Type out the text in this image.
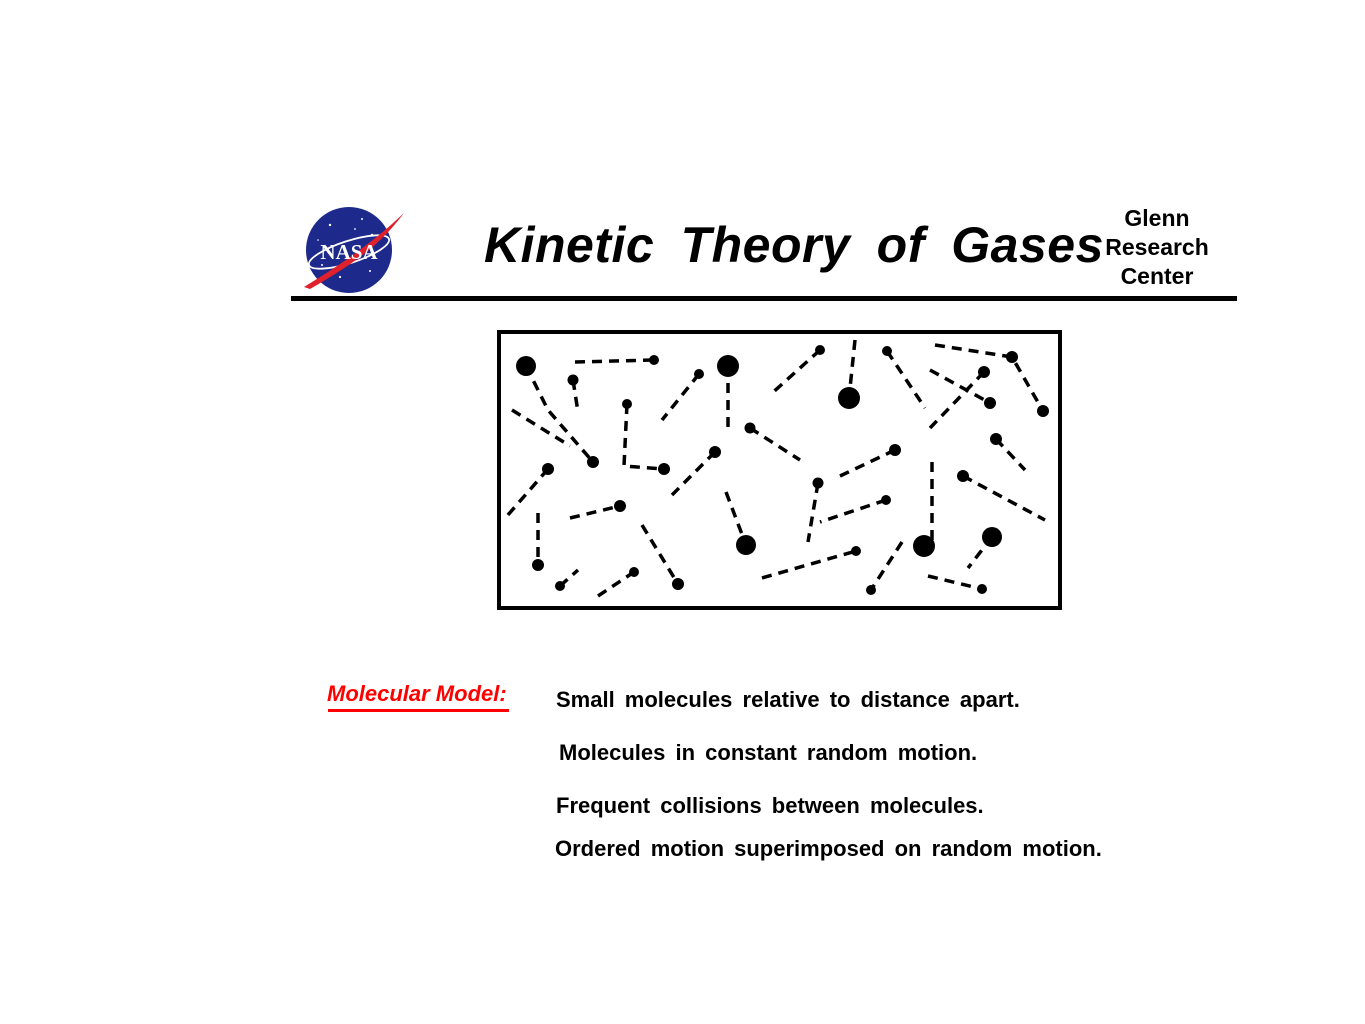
NASA Kinetic Theory of Gases Glenn
Research
Center
Molecular Model: Small molecules relative to distance apart.
Molecules in constant random motion.
Frequent collisions between molecules.
Ordered motion superimposed on random motion.
